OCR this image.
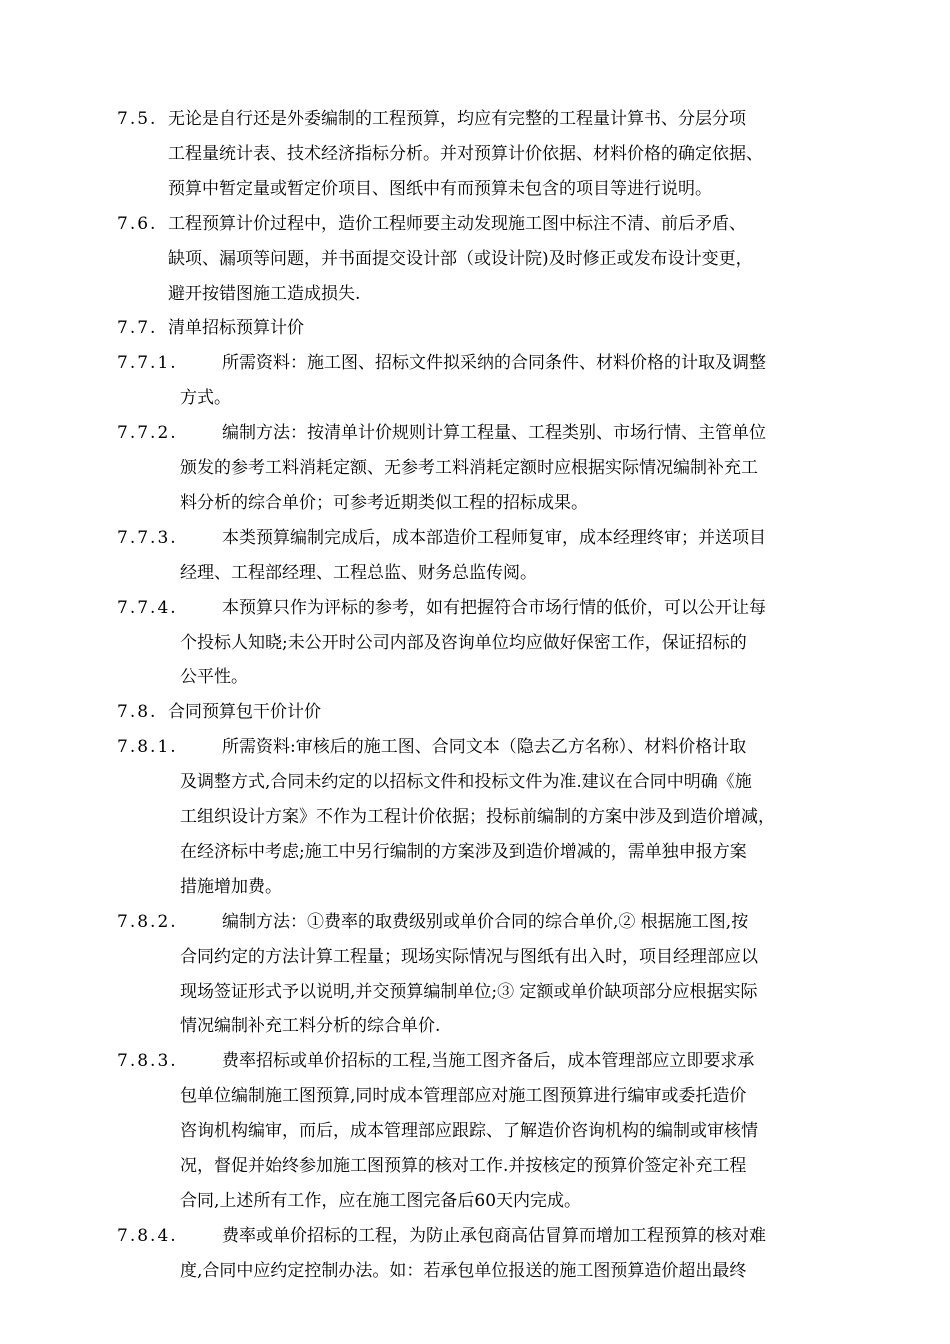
7.5. 无论是自行还是外委编制的工程预算，均应有完整的工程量计算书、分层分项
工程量统计表、技术经济指标分析。并对预算计价依据、材料价格的确定依据、
预算中暂定量或暂定价项目、图纸中有而预算未包含的项目等进行说明。
7.6. 工程预算计价过程中，造价工程师要主动发现施工图中标注不清、前后矛盾、
缺项、漏项等问题，并书面提交设计部（或设计院)及时修正或发布设计变更，
避开按错图施工造成损失.
7.7. 清单招标预算计价
7.7.1.	所需资料：施工图、招标文件拟采纳的合同条件、材料价格的计取及调整
方式。
7.7.2.	编制方法：按清单计价规则计算工程量、工程类别、市场行情、主管单位
颁发的参考工料消耗定额、无参考工料消耗定额时应根据实际情况编制补充工
料分析的综合单价；可参考近期类似工程的招标成果。
7.7.3.	本类预算编制完成后，成本部造价工程师复审，成本经理终审；并送项目
经理、工程部经理、工程总监、财务总监传阅。
7.7.4.	本预算只作为评标的参考，如有把握符合市场行情的低价，可以公开让每
个投标人知晓;未公开时公司内部及咨询单位均应做好保密工作，保证招标的
公平性。
7.8. 合同预算包干价计价
7.8.1.	所需资料:审核后的施工图、合同文本（隐去乙方名称）、材料价格计取
及调整方式,合同未约定的以招标文件和投标文件为准.建议在合同中明确《施
工组织设计方案》不作为工程计价依据；投标前编制的方案中涉及到造价增减，
在经济标中考虑;施工中另行编制的方案涉及到造价增减的，需单独申报方案
措施增加费。
7.8.2.	编制方法：①费率的取费级别或单价合同的综合单价,② 根据施工图,按
合同约定的方法计算工程量；现场实际情况与图纸有出入时，项目经理部应以
现场签证形式予以说明,并交预算编制单位;③ 定额或单价缺项部分应根据实际
情况编制补充工料分析的综合单价.
7.8.3.	费率招标或单价招标的工程,当施工图齐备后，成本管理部应立即要求承
包单位编制施工图预算,同时成本管理部应对施工图预算进行编审或委托造价
咨询机构编审，而后，成本管理部应跟踪、了解造价咨询机构的编制或审核情
况，督促并始终参加施工图预算的核对工作.并按核定的预算价签定补充工程
合同,上述所有工作，应在施工图完备后60天内完成。
7.8.4.	费率或单价招标的工程，为防止承包商高估冒算而增加工程预算的核对难
度,合同中应约定控制办法。如：若承包单位报送的施工图预算造价超出最终
